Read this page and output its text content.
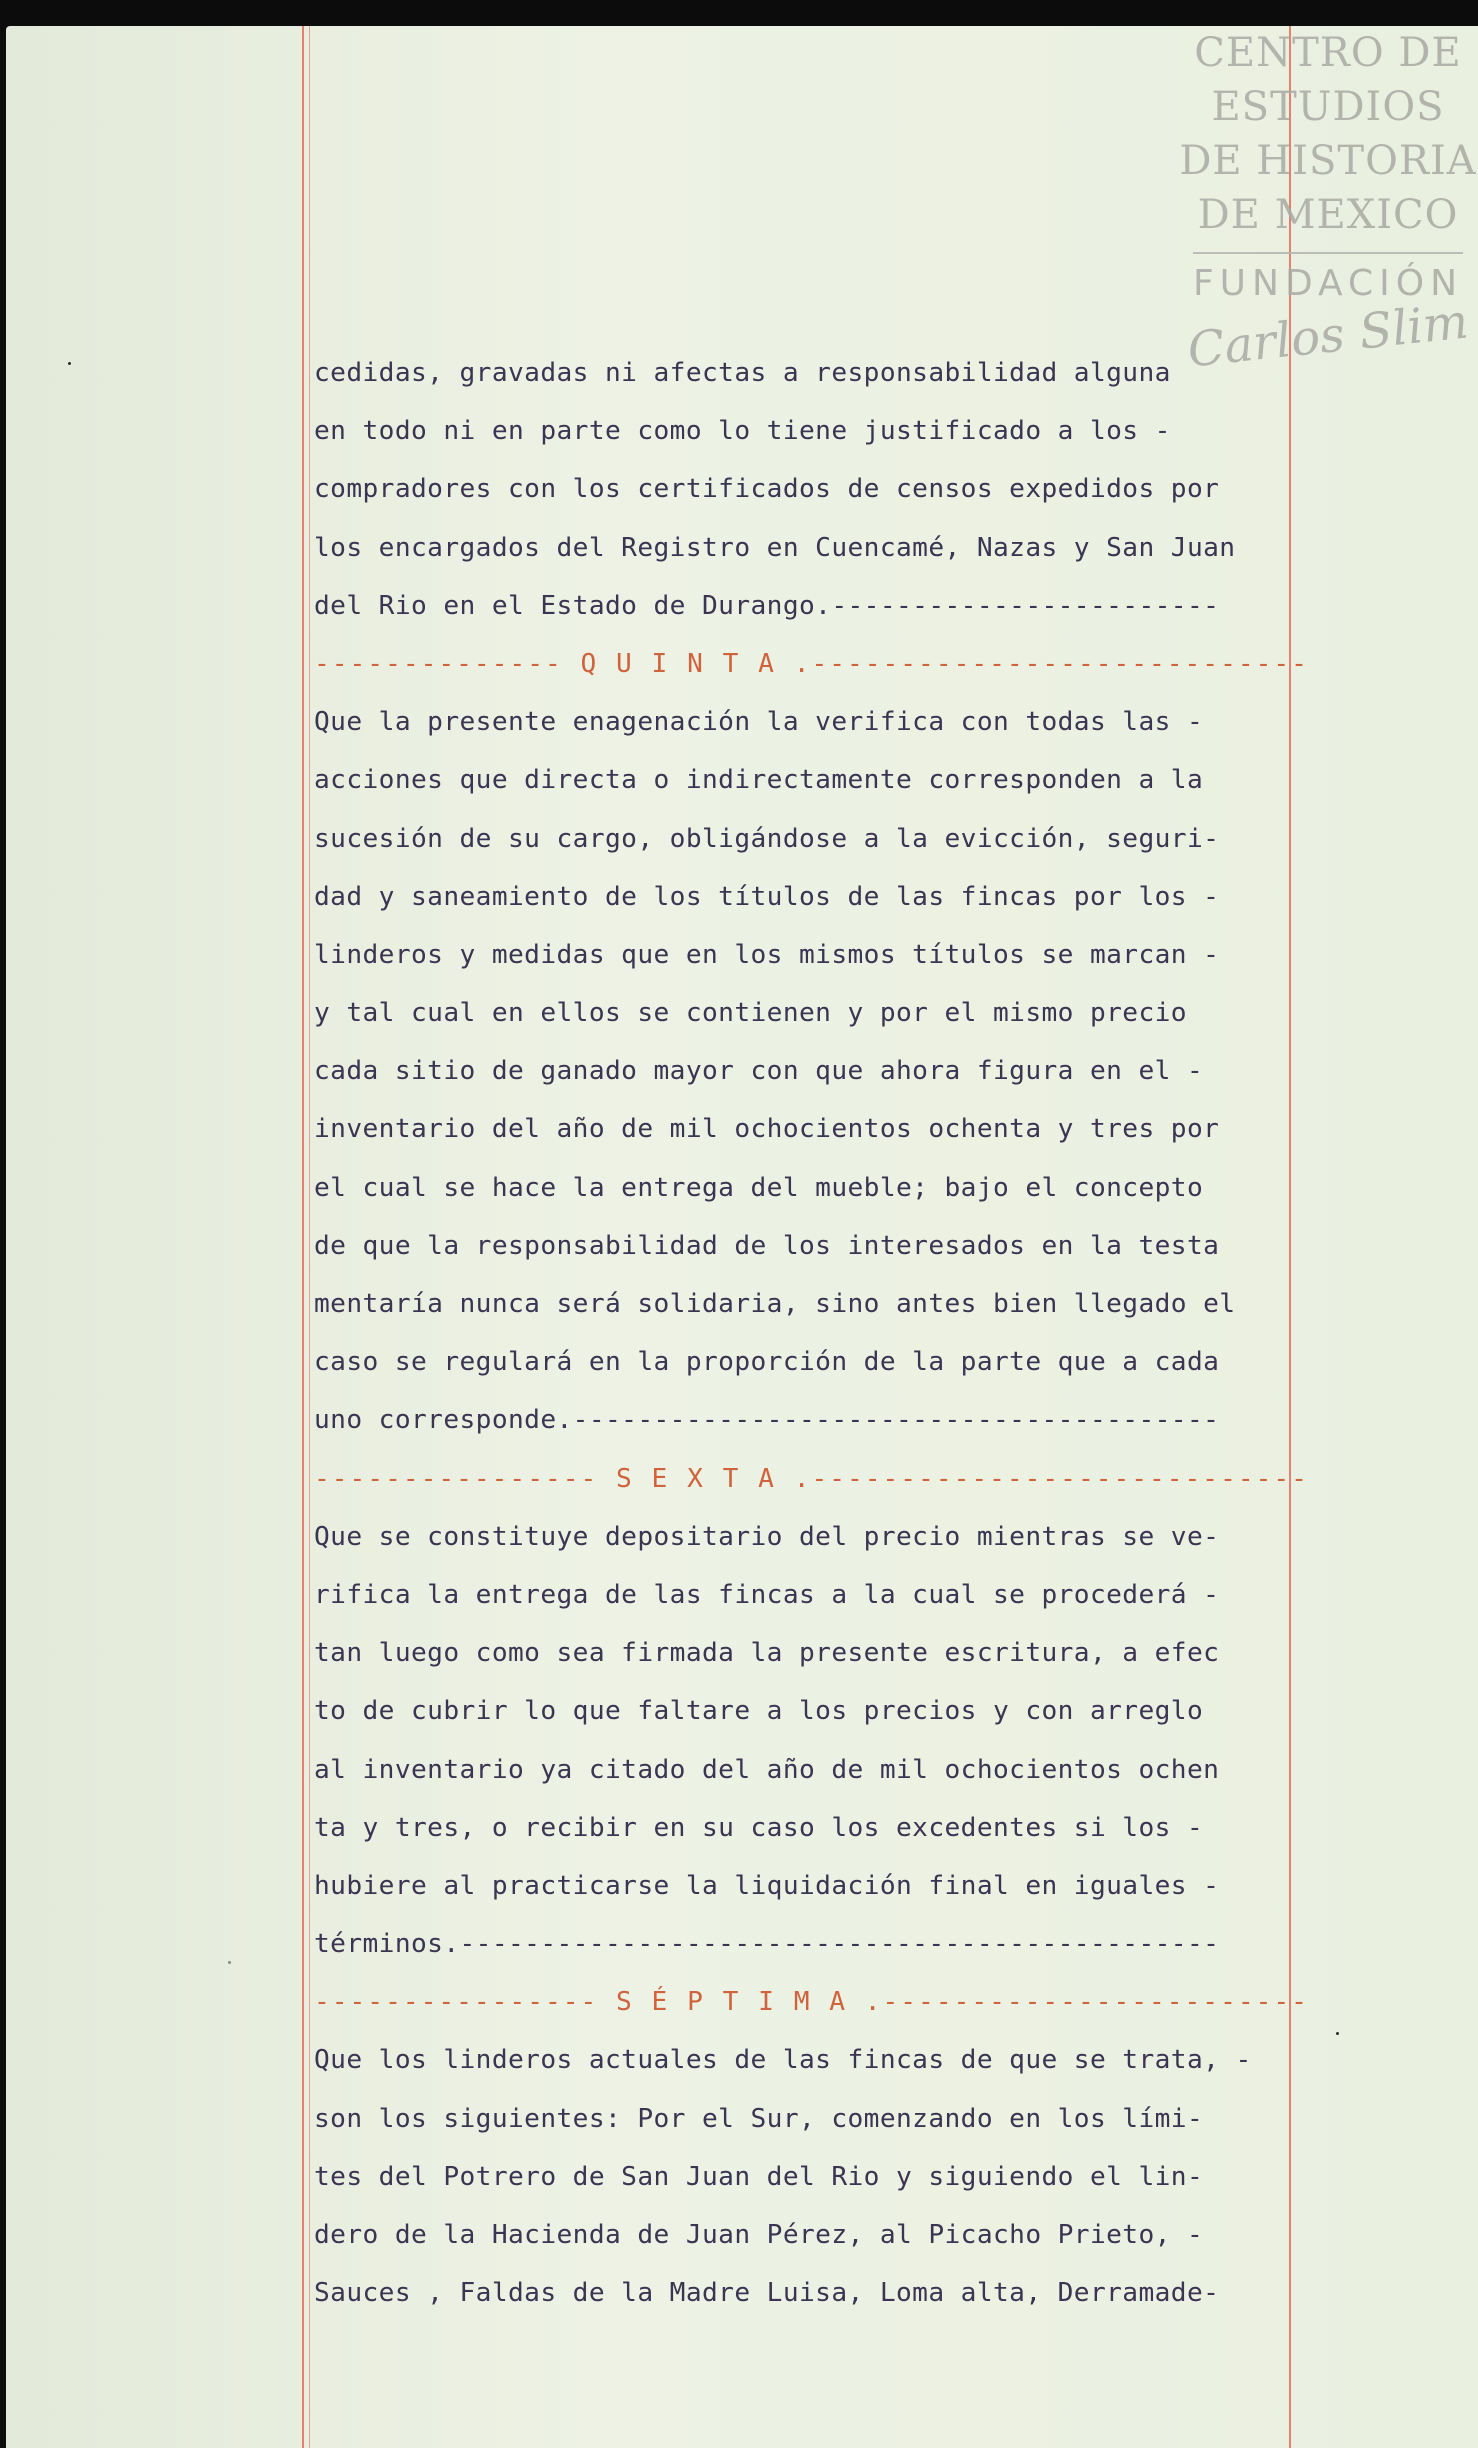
CENTRO DE
ESTUDIOS
DE HISTORIA
DE MEXICO
FUNDACIÓN
Carlos Slim
cedidas, gravadas ni afectas a responsabilidad alguna
en todo ni en parte como lo tiene justificado a los -
compradores con los certificados de censos expedidos por
los encargados del Registro en Cuencamé, Nazas y San Juan
del Rio en el Estado de Durango.------------------------
-------------- Q U I N T A .----------------------------
Que la presente enagenación la verifica con todas las -
acciones que directa o indirectamente corresponden a la
sucesión de su cargo, obligándose a la evicción, seguri-
dad y saneamiento de los títulos de las fincas por los -
linderos y medidas que en los mismos títulos se marcan -
y tal cual en ellos se contienen y por el mismo precio
cada sitio de ganado mayor con que ahora figura en el -
inventario del año de mil ochocientos ochenta y tres por
el cual se hace la entrega del mueble; bajo el concepto
de que la responsabilidad de los interesados en la testa
mentaría nunca será solidaria, sino antes bien llegado el
caso se regulará en la proporción de la parte que a cada
uno corresponde.----------------------------------------
---------------- S E X T A .----------------------------
Que se constituye depositario del precio mientras se ve-
rifica la entrega de las fincas a la cual se procederá -
tan luego como sea firmada la presente escritura, a efec
to de cubrir lo que faltare a los precios y con arreglo
al inventario ya citado del año de mil ochocientos ochen
ta y tres, o recibir en su caso los excedentes si los -
hubiere al practicarse la liquidación final en iguales -
términos.-----------------------------------------------
---------------- S É P T I M A .------------------------
Que los linderos actuales de las fincas de que se trata, -
son los siguientes: Por el Sur, comenzando en los lími-
tes del Potrero de San Juan del Rio y siguiendo el lin-
dero de la Hacienda de Juan Pérez, al Picacho Prieto, -
Sauces , Faldas de la Madre Luisa, Loma alta, Derramade-
